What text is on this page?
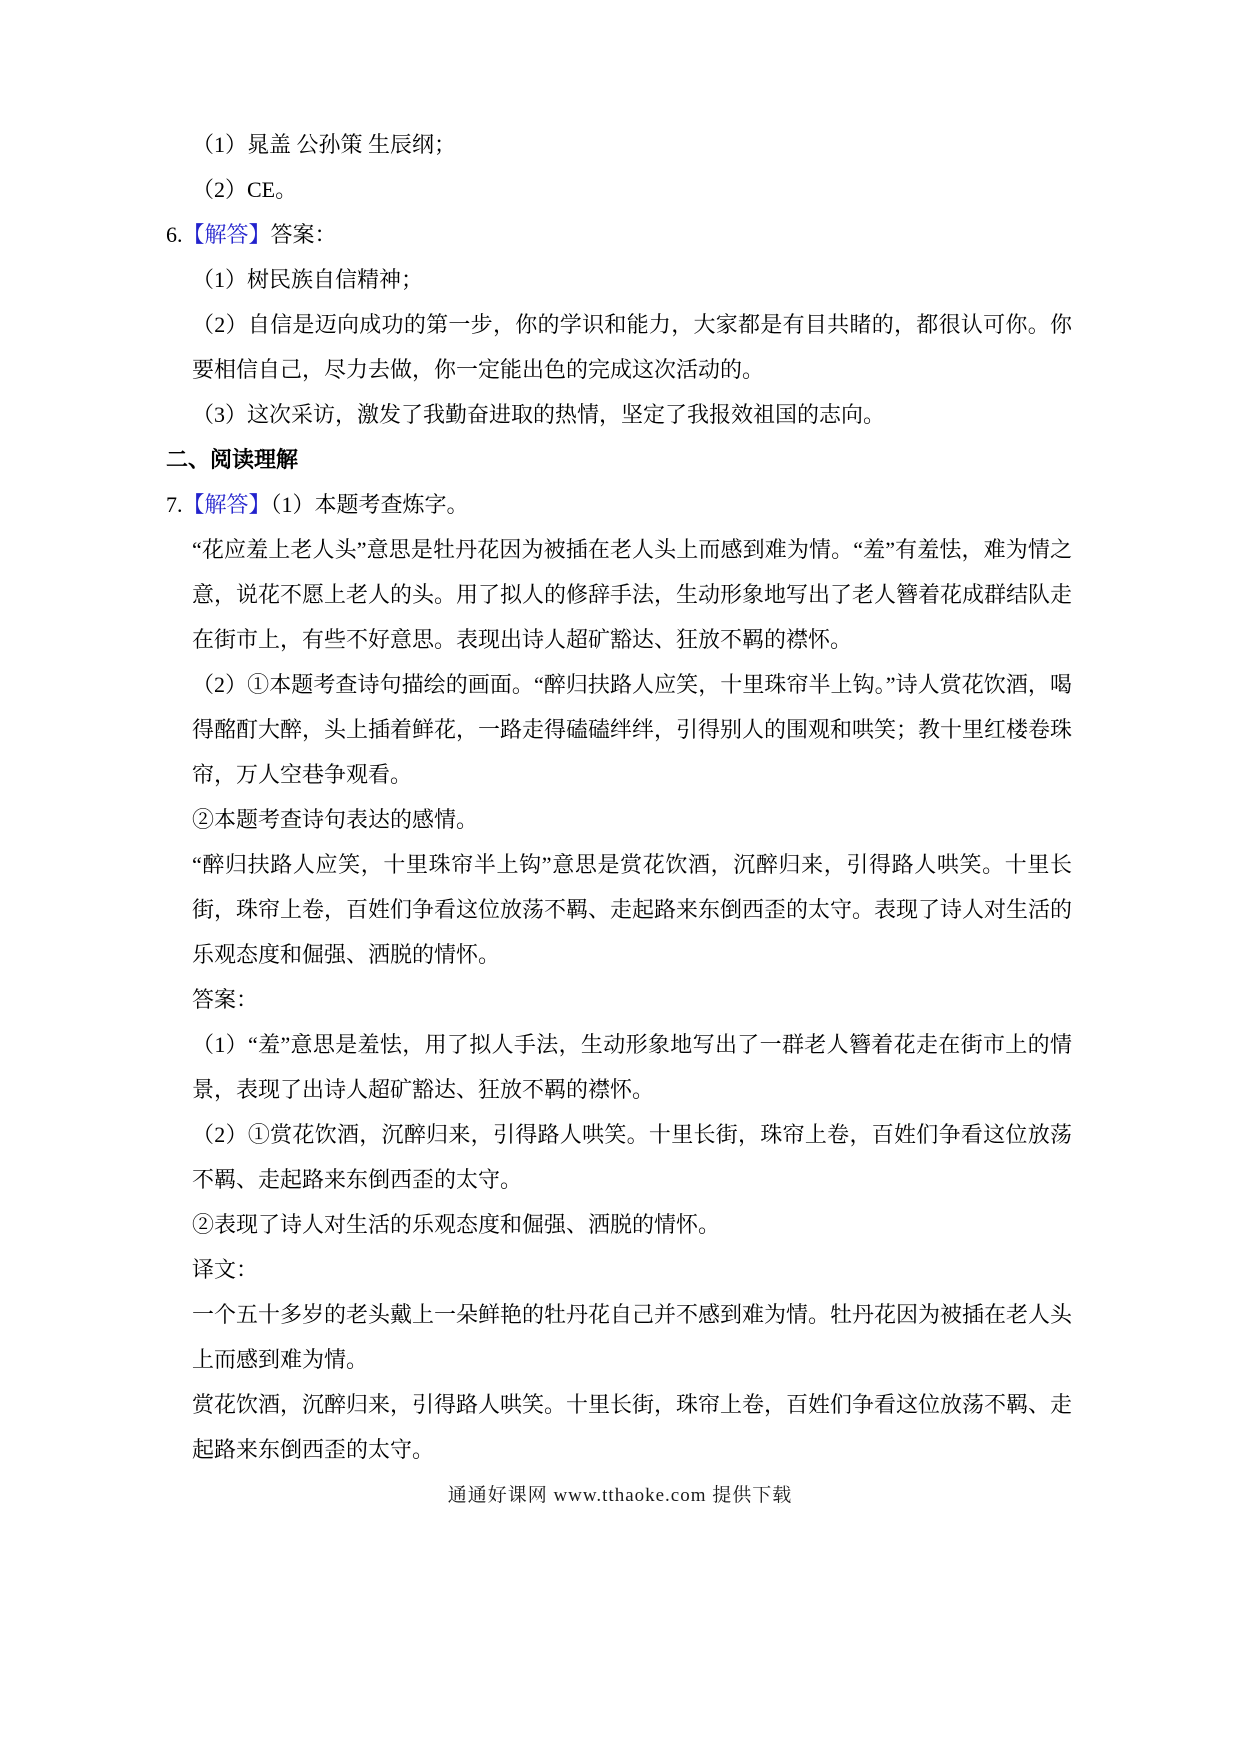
（1）晁盖 公孙策 生辰纲；
（2）CE。
6.【解答】答案：
（1）树民族自信精神；
（2）自信是迈向成功的第一步，你的学识和能力，大家都是有目共睹的，都很认可你。你要相信自己，尽力去做，你一定能出色的完成这次活动的。
（3）这次采访，激发了我勤奋进取的热情，坚定了我报效祖国的志向。
二、阅读理解
7.【解答】（1）本题考查炼字。
“花应羞上老人头”意思是牡丹花因为被插在老人头上而感到难为情。“羞”有羞怯，难为情之意，说花不愿上老人的头。用了拟人的修辞手法，生动形象地写出了老人簪着花成群结队走在街市上，有些不好意思。表现出诗人超矿豁达、狂放不羁的襟怀。
（2）①本题考查诗句描绘的画面。“醉归扶路人应笑，十里珠帘半上钩。”诗人赏花饮酒，喝得酩酊大醉，头上插着鲜花，一路走得磕磕绊绊，引得别人的围观和哄笑；教十里红楼卷珠帘，万人空巷争观看。
②本题考查诗句表达的感情。
“醉归扶路人应笑，十里珠帘半上钩”意思是赏花饮酒，沉醉归来，引得路人哄笑。十里长街，珠帘上卷，百姓们争看这位放荡不羁、走起路来东倒西歪的太守。表现了诗人对生活的乐观态度和倔强、洒脱的情怀。
答案：
（1）“羞”意思是羞怯，用了拟人手法，生动形象地写出了一群老人簪着花走在街市上的情景，表现了出诗人超矿豁达、狂放不羁的襟怀。
（2）①赏花饮酒，沉醉归来，引得路人哄笑。十里长街，珠帘上卷，百姓们争看这位放荡不羁、走起路来东倒西歪的太守。
②表现了诗人对生活的乐观态度和倔强、洒脱的情怀。
译文：
一个五十多岁的老头戴上一朵鲜艳的牡丹花自己并不感到难为情。牡丹花因为被插在老人头上而感到难为情。
赏花饮酒，沉醉归来，引得路人哄笑。十里长街，珠帘上卷，百姓们争看这位放荡不羁、走起路来东倒西歪的太守。
通通好课网 www.tthaoke.com 提供下载
